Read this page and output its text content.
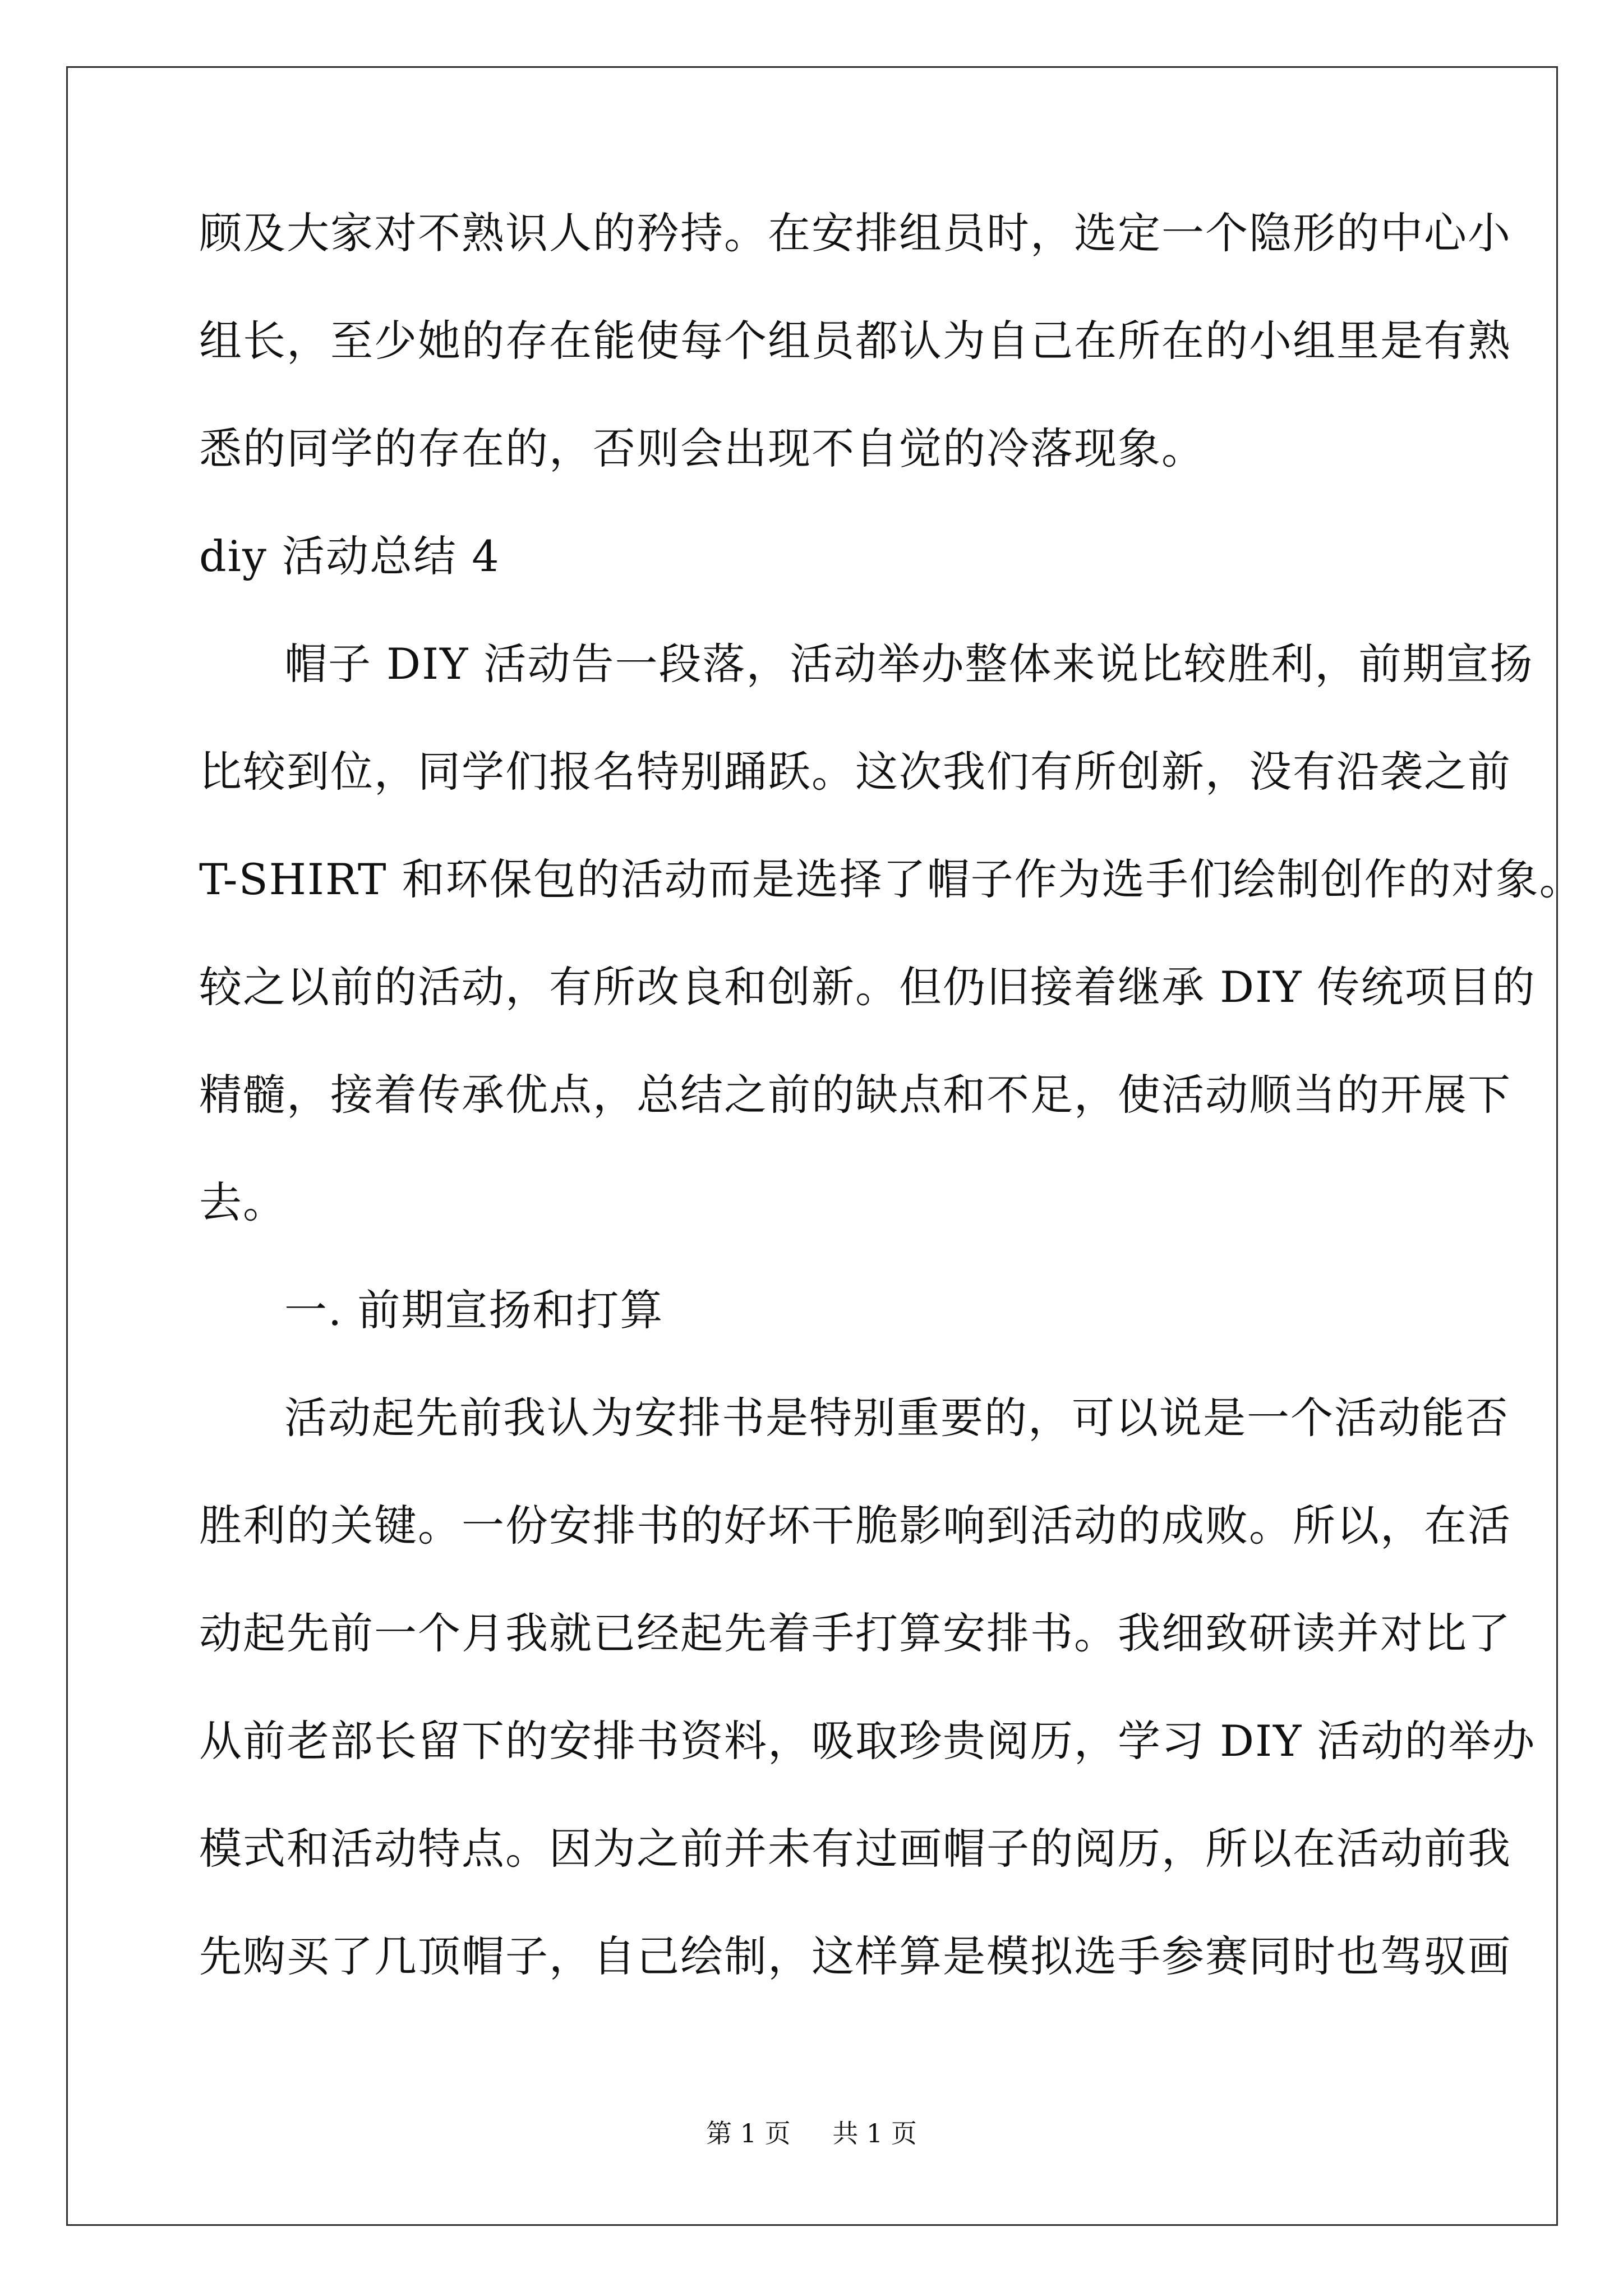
顾及大家对不熟识人的矜持。在安排组员时，选定一个隐形的中心小
组长，至少她的存在能使每个组员都认为自己在所在的小组里是有熟
悉的同学的存在的，否则会出现不自觉的冷落现象。
diy 活动总结 4
帽子 DIY 活动告一段落，活动举办整体来说比较胜利，前期宣扬
比较到位，同学们报名特别踊跃。这次我们有所创新，没有沿袭之前
T-SHIRT 和环保包的活动而是选择了帽子作为选手们绘制创作的对象。
较之以前的活动，有所改良和创新。但仍旧接着继承 DIY 传统项目的
精髓，接着传承优点，总结之前的缺点和不足，使活动顺当的开展下
去。
一. 前期宣扬和打算
活动起先前我认为安排书是特别重要的，可以说是一个活动能否
胜利的关键。一份安排书的好坏干脆影响到活动的成败。所以，在活
动起先前一个月我就已经起先着手打算安排书。我细致研读并对比了
从前老部长留下的安排书资料，吸取珍贵阅历，学习 DIY 活动的举办
模式和活动特点。因为之前并未有过画帽子的阅历，所以在活动前我
先购买了几顶帽子，自己绘制，这样算是模拟选手参赛同时也驾驭画
第 1 页 共 1 页
